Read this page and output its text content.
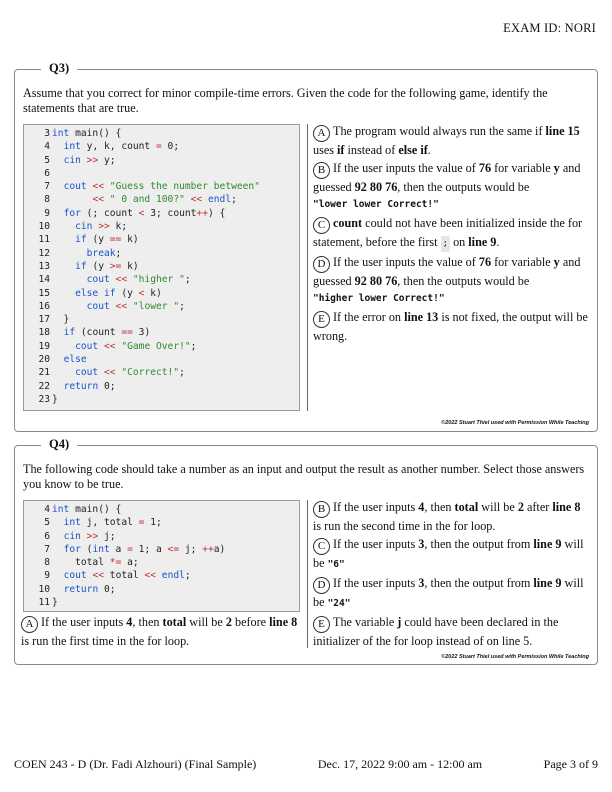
EXAM ID: NORI
Q3)
Assume that you correct for minor compile-time errors. Given the code for the following game, identify the statements that are true.
3 int main() {
4	int y, k, count = 0;
5	cin >> y;
6
7	cout << "Guess the number between"
8	<< " 0 and 100?" << endl;
9	for (; count < 3; count++) {
10	cin >> k;
11	if (y == k)
12	break;
13	if (y >= k)
14	cout << "higher ";
15	else if (y < k)
16	cout << "lower ";
17 }
18	if (count == 3)
19	cout << "Game Over!";
20	else
21	cout << "Correct!";
22	return 0;
23 }
A The program would always run the same if line 15 uses if instead of else if.
B If the user inputs the value of 76 for variable y and guessed 92 80 76, then the outputs would be
"lower lower Correct!"
C count could not have been initialized inside the for statement, before the first ; on line 9.
D If the user inputs the value of 76 for variable y and guessed 92 80 76, then the outputs would be
"higher lower Correct!"
E If the error on line 13 is not fixed, the output will be wrong.
©2022 Stuart Thiel used with Permission While Teaching
Q4)
The following code should take a number as an input and output the result as another number. Select those answers you know to be true.
4 int main() {
5	int j, total = 1;
6	cin >> j;
7	for (int a = 1; a <= j; ++a)
8 total *= a;
9	cout << total << endl;
10	return 0;
11 }
A If the user inputs 4, then total will be 2 before line 8 is run the first time in the for loop.
B If the user inputs 4, then total will be 2 after line 8 is run the second time in the for loop.
C If the user inputs 3, then the output from line 9 will be "6"
D If the user inputs 3, then the output from line 9 will be "24"
E The variable j could have been declared in the initializer of the for loop instead of on line 5.
©2022 Stuart Thiel used with Permission While Teaching
COEN 243 - D (Dr. Fadi Alzhouri) (Final Sample)	Dec. 17, 2022 9:00 am - 12:00 am	Page 3 of 9
